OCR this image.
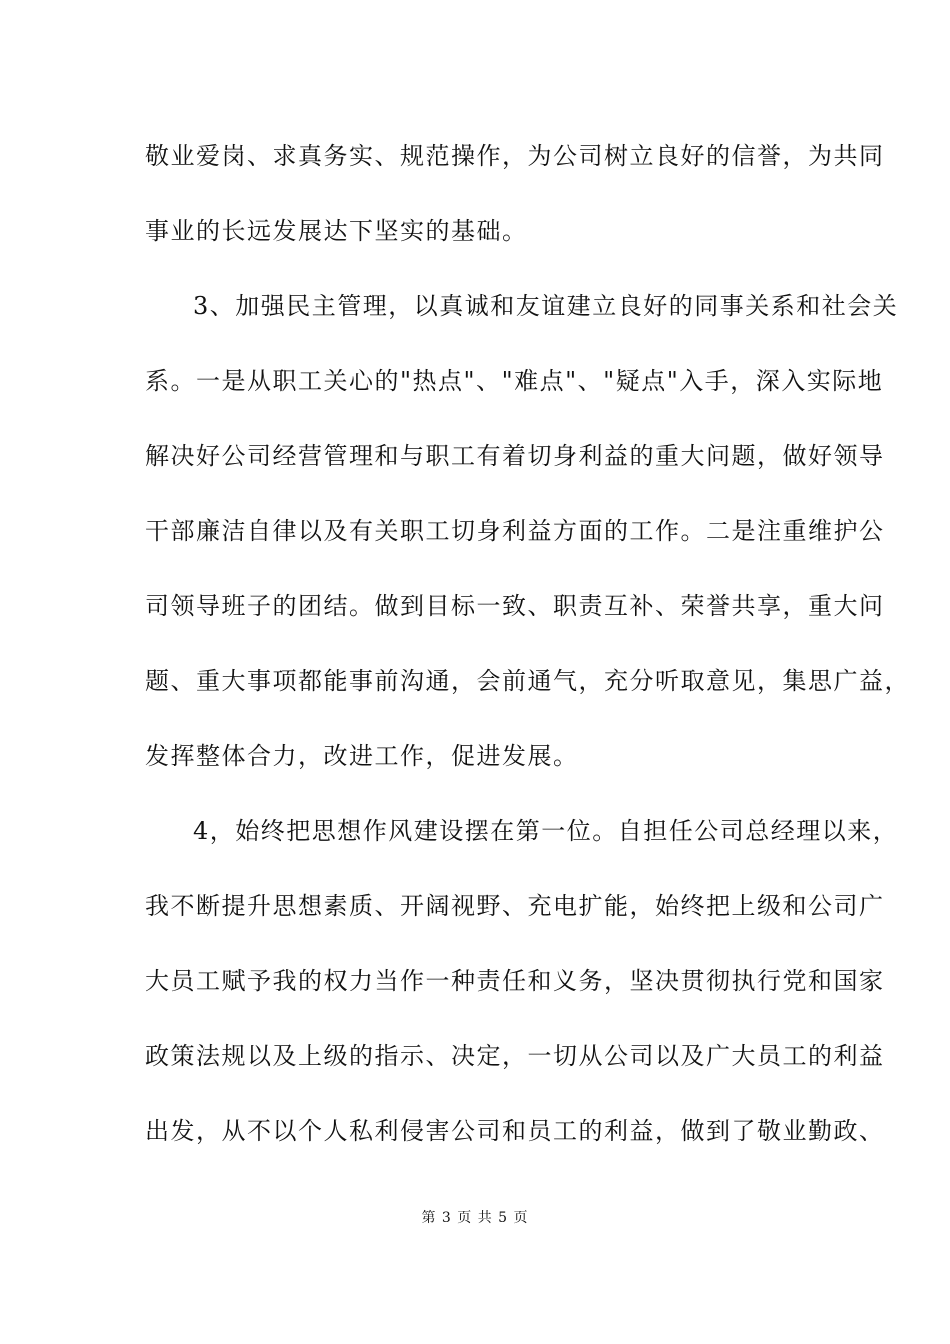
敬业爱岗、求真务实、规范操作，为公司树立良好的信誉，为共同
事业的长远发展达下坚实的基础。
3、加强民主管理，以真诚和友谊建立良好的同事关系和社会关
系。一是从职工关心的"热点"、"难点"、"疑点"入手，深入实际地
解决好公司经营管理和与职工有着切身利益的重大问题，做好领导
干部廉洁自律以及有关职工切身利益方面的工作。二是注重维护公
司领导班子的团结。做到目标一致、职责互补、荣誉共享，重大问
题、重大事项都能事前沟通，会前通气，充分听取意见，集思广益，
发挥整体合力，改进工作，促进发展。
4，始终把思想作风建设摆在第一位。自担任公司总经理以来，
我不断提升思想素质、开阔视野、充电扩能，始终把上级和公司广
大员工赋予我的权力当作一种责任和义务，坚决贯彻执行党和国家
政策法规以及上级的指示、决定，一切从公司以及广大员工的利益
出发，从不以个人私利侵害公司和员工的利益，做到了敬业勤政、
第 3 页 共 5 页
